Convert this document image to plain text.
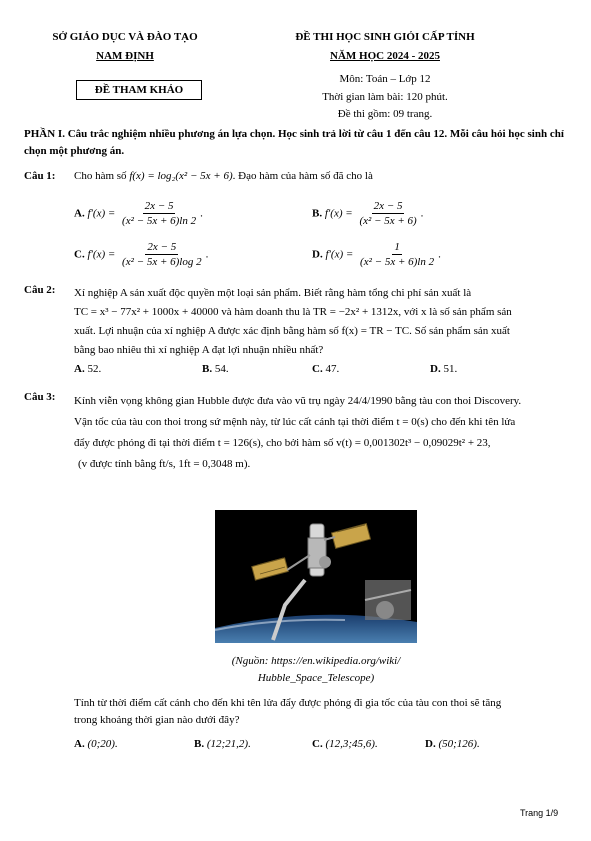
SỞ GIÁO DỤC VÀ ĐÀO TẠO
NAM ĐỊNH
ĐỀ THAM KHẢO
ĐỀ THI HỌC SINH GIỎI CẤP TỈNH
NĂM HỌC 2024 - 2025
Môn: Toán – Lớp 12
Thời gian làm bài: 120 phút.
Đề thi gồm: 09 trang.
PHẦN I. Câu trắc nghiệm nhiều phương án lựa chọn. Học sinh trả lời từ câu 1 đến câu 12. Mỗi câu hỏi học sinh chỉ chọn một phương án.
Câu 1: Cho hàm số f(x) = log₂(x² − 5x + 6). Đạo hàm của hàm số đã cho là
A. $f'(x) = \frac{2x - 5}{\text{(x² − 5x + 6)ln 2}}$ .	B. $f'(x) = \frac{2x - 5}{\text{(x² − 5x + 6)}}$ .
C. $f'(x) = \frac{2x - 5}{\text{(x² − 5x + 6)log 2}}$ .	D. $f'(x) = \frac{1}{\text{(x² − 5x + 6)ln 2}}$ .
Câu 2: Xí nghiệp A sản xuất độc quyền một loại sản phẩm. Biết rằng hàm tổng chi phí sản xuất là
TC = x³ − 77x² + 1000x + 40000 và hàm doanh thu là TR = −2x² + 1312x, với x là số sản phẩm sản
xuất. Lợi nhuận của xí nghiệp A được xác định bằng hàm số f(x) = TR − TC. Số sản phẩm sản xuất
bằng bao nhiêu thì xí nghiệp A đạt lợi nhuận nhiều nhất?
A. 52.	B. 54.	C. 47.	D. 51.
Câu 3: Kính viễn vọng không gian Hubble được đưa vào vũ trụ ngày 24/4/1990 bằng tàu con thoi Discovery.
Vận tốc của tàu con thoi trong sứ mệnh này, từ lúc cất cánh tại thời điểm t = 0(s) cho đến khi tên lửa
đẩy được phóng đi tại thời điểm t = 126(s), cho bởi hàm số v(t) = 0,001302t³ − 0,09029t² + 23,
(v được tính bằng ft/s, 1ft = 0,3048 m).
(Nguồn: https://en.wikipedia.org/wiki/
Hubble_Space_Telescope)
Tính từ thời điểm cất cánh cho đến khi tên lửa đẩy được phóng đi gia tốc của tàu con thoi sẽ tăng
trong khoảng thời gian nào dưới đây?
A. (0;20).	B. (12;21,2).	C. (12,3;45,6).	D. (50;126).
Trang 1/9
